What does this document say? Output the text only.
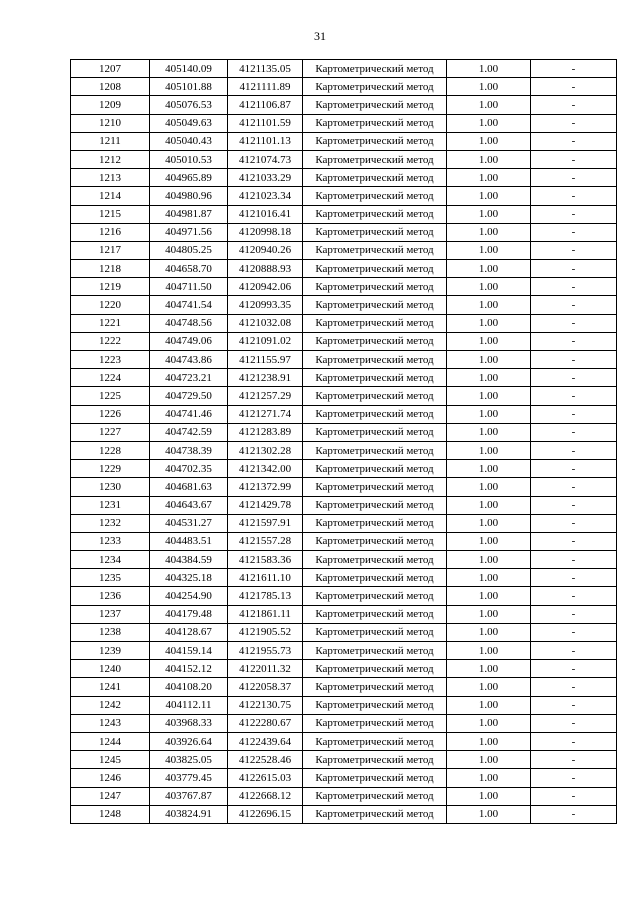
31
1207	405140.09	4121135.05	Картометрический метод	1.00	-
1208	405101.88	4121111.89	Картометрический метод	1.00	-
1209	405076.53	4121106.87	Картометрический метод	1.00	-
1210	405049.63	4121101.59	Картометрический метод	1.00	-
1211	405040.43	4121101.13	Картометрический метод	1.00	-
1212	405010.53	4121074.73	Картометрический метод	1.00	-
1213	404965.89	4121033.29	Картометрический метод	1.00	-
1214	404980.96	4121023.34	Картометрический метод	1.00	-
1215	404981.87	4121016.41	Картометрический метод	1.00	-
1216	404971.56	4120998.18	Картометрический метод	1.00	-
1217	404805.25	4120940.26	Картометрический метод	1.00	-
1218	404658.70	4120888.93	Картометрический метод	1.00	-
1219	404711.50	4120942.06	Картометрический метод	1.00	-
1220	404741.54	4120993.35	Картометрический метод	1.00	-
1221	404748.56	4121032.08	Картометрический метод	1.00	-
1222	404749.06	4121091.02	Картометрический метод	1.00	-
1223	404743.86	4121155.97	Картометрический метод	1.00	-
1224	404723.21	4121238.91	Картометрический метод	1.00	-
1225	404729.50	4121257.29	Картометрический метод	1.00	-
1226	404741.46	4121271.74	Картометрический метод	1.00	-
1227	404742.59	4121283.89	Картометрический метод	1.00	-
1228	404738.39	4121302.28	Картометрический метод	1.00	-
1229	404702.35	4121342.00	Картометрический метод	1.00	-
1230	404681.63	4121372.99	Картометрический метод	1.00	-
1231	404643.67	4121429.78	Картометрический метод	1.00	-
1232	404531.27	4121597.91	Картометрический метод	1.00	-
1233	404483.51	4121557.28	Картометрический метод	1.00	-
1234	404384.59	4121583.36	Картометрический метод	1.00	-
1235	404325.18	4121611.10	Картометрический метод	1.00	-
1236	404254.90	4121785.13	Картометрический метод	1.00	-
1237	404179.48	4121861.11	Картометрический метод	1.00	-
1238	404128.67	4121905.52	Картометрический метод	1.00	-
1239	404159.14	4121955.73	Картометрический метод	1.00	-
1240	404152.12	4122011.32	Картометрический метод	1.00	-
1241	404108.20	4122058.37	Картометрический метод	1.00	-
1242	404112.11	4122130.75	Картометрический метод	1.00	-
1243	403968.33	4122280.67	Картометрический метод	1.00	-
1244	403926.64	4122439.64	Картометрический метод	1.00	-
1245	403825.05	4122528.46	Картометрический метод	1.00	-
1246	403779.45	4122615.03	Картометрический метод	1.00	-
1247	403767.87	4122668.12	Картометрический метод	1.00	-
1248	403824.91	4122696.15	Картометрический метод	1.00	-
